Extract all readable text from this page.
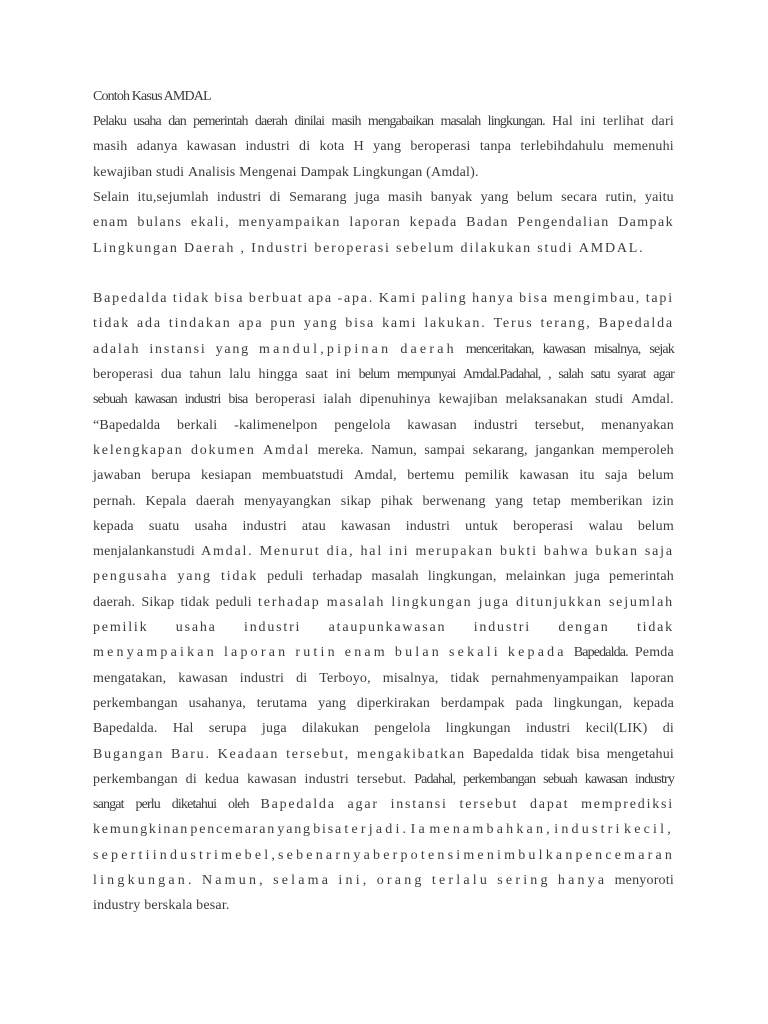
Contoh Kasus AMDAL
Pelaku usaha dan pemerintah daerah dinilai masih mengabaikan masalah lingkungan. Hal ini terlihat dari
masih adanya kawasan industri di kota H yang beroperasi tanpa terlebihdahulu memenuhi
kewajiban studi Analisis Mengenai Dampak Lingkungan (Amdal).
Selain itu,sejumlah industri di Semarang juga masih banyak yang belum secara rutin, yaitu
enam bulans ekali, menyampaikan laporan kepada Badan Pengendalian Dampak
Lingkungan Daerah , Industri beroperasi sebelum dilakukan studi AMDAL.
Bapedalda tidak bisa berbuat apa -apa. Kami paling hanya bisa mengimbau, tapi
tidak ada tindakan apa pun yang bisa kami lakukan. Terus terang, Bapedalda
adalah instansi yang mandul,pipinan daerah menceritakan, kawasan misalnya, sejak
beroperasi dua tahun lalu hingga saat ini belum mempunyai Amdal.Padahal, , salah satu syarat agar
sebuah kawasan industri bisa beroperasi ialah dipenuhinya kewajiban melaksanakan studi Amdal.
“Bapedalda berkali -kalimenelpon pengelola kawasan industri tersebut, menanyakan
kelengkapan dokumen Amdal mereka. Namun, sampai sekarang, jangankan memperoleh
jawaban berupa kesiapan membuatstudi Amdal, bertemu pemilik kawasan itu saja belum
pernah. Kepala daerah menyayangkan sikap pihak berwenang yang tetap memberikan izin
kepada suatu usaha industri atau kawasan industri untuk beroperasi walau belum
menjalankanstudi Amdal. Menurut dia, hal ini merupakan bukti bahwa bukan saja
pengusaha yang tidak peduli terhadap masalah lingkungan, melainkan juga pemerintah
daerah. Sikap tidak peduli terhadap masalah lingkungan juga ditunjukkan sejumlah
pemilik usaha industri ataupunkawasan industri dengan tidak
menyampaikan laporan rutin enam bulan sekali kepada Bapedalda. Pemda
mengatakan, kawasan industri di Terboyo, misalnya, tidak pernahmenyampaikan laporan
perkembangan usahanya, terutama yang diperkirakan berdampak pada lingkungan, kepada
Bapedalda. Hal serupa juga dilakukan pengelola lingkungan industri kecil(LIK) di
Bugangan Baru. Keadaan tersebut, mengakibatkan Bapedalda tidak bisa mengetahui
perkembangan di kedua kawasan industri tersebut. Padahal, perkembangan sebuah kawasan industry
sangat perlu diketahui oleh Bapedalda agar instansi tersebut dapat memprediksi
kemungkinan pencemaran yang bisa terjadi. Ia menambahkan, industri kecil,
seperti industri mebel, sebenarnya berpotensi menimbulkan pencemaran
lingkungan. Namun, selama ini, orang terlalu sering hanya menyoroti
industry berskala besar.
